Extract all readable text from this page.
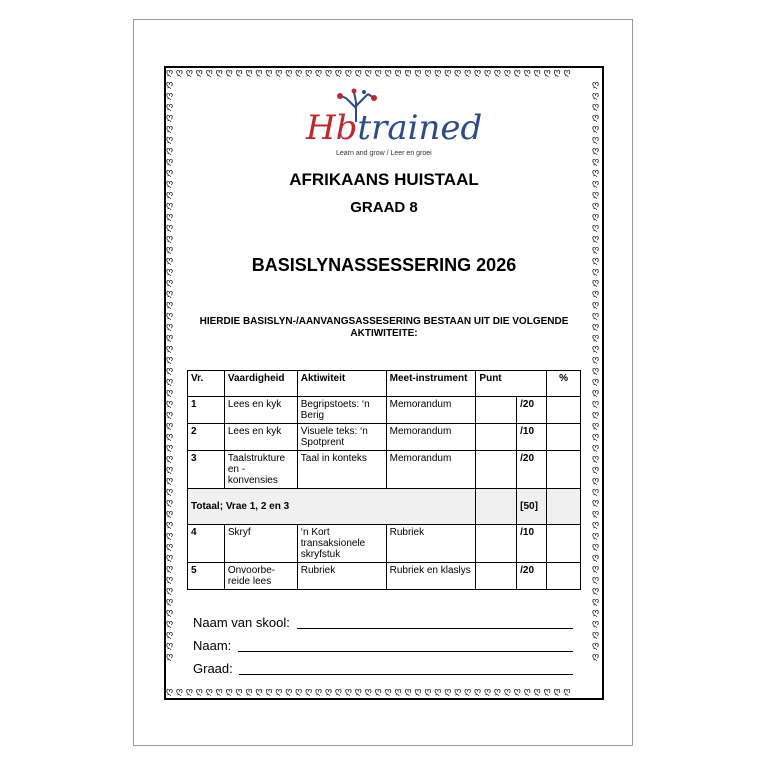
ღ ღ ღ ღ ღ ღ ღ ღ ღ ღ ღ ღ ღ ღ ღ ღ ღ ღ ღ ღ ღ ღ ღ ღ ღ ღ ღ ღ ღ ღ ღ ღ ღ ღ ღ ღ ღ ღ ღ ღ ღ
ღ ღ ღ ღ ღ ღ ღ ღ ღ ღ ღ ღ ღ ღ ღ ღ ღ ღ ღ ღ ღ ღ ღ ღ ღ ღ ღ ღ ღ ღ ღ ღ ღ ღ ღ ღ ღ ღ ღ ღ ღ
ღღღღღღღღღღღღღღღღღღღღღღღღღღღღღღღღღღღღღღღღღღღღღღღღღღღღღ
ღღღღღღღღღღღღღღღღღღღღღღღღღღღღღღღღღღღღღღღღღღღღღღღღღღღღღ
Hbtrained
Learn and grow / Leer en groei
AFRIKAANS HUISTAAL
GRAAD 8
BASISLYNASSESSERING 2026
HIERDIE BASISLYN-/AANVANGSASSESERING BESTAAN UIT DIE VOLGENDE AKTIWITEITE:
Vr.	Vaardigheid	Aktiwiteit	Meet-instrument	Punt		%
1	Lees en kyk	Begripstoets: ‘n Berig	Memorandum		/20	
2	Lees en kyk	Visuele teks: ‘n Spotprent	Memorandum		/10	
3	Taalstrukture en - konvensies	Taal in konteks	Memorandum		/20	
Totaal; Vrae 1, 2 en 3					[50]	
4	Skryf	‘n Kort transaksionele skryfstuk	Rubriek		/10	
5	Onvoorbe-reide lees	Rubriek	Rubriek en klaslys		/20	
Naam van skool:
Naam:
Graad:
